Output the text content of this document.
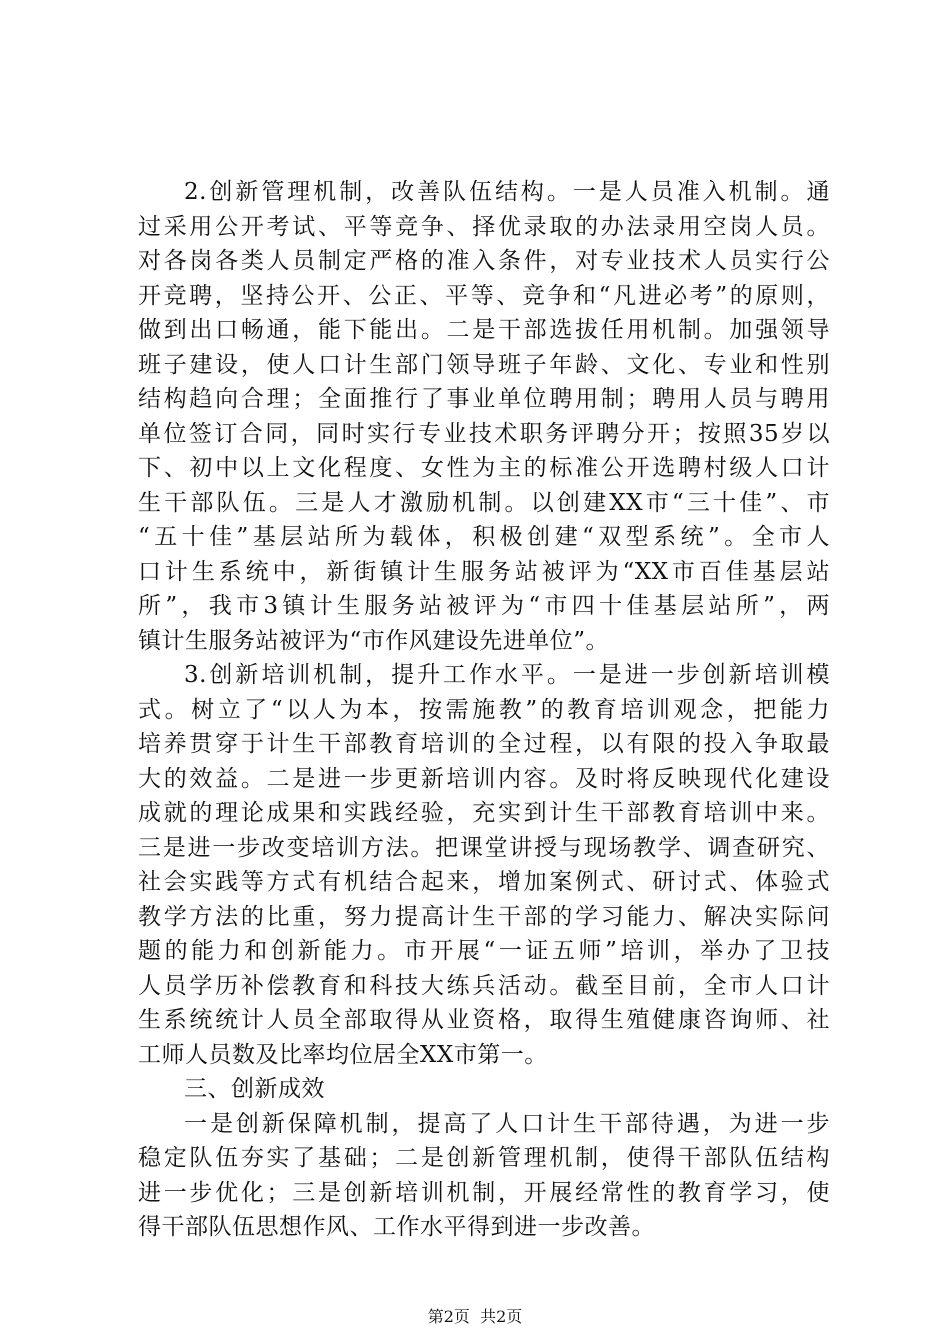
2.创新管理机制，改善队伍结构。一是人员准入机制。通
过采用公开考试、平等竞争、择优录取的办法录用空岗人员。
对各岗各类人员制定严格的准入条件，对专业技术人员实行公
开竞聘，坚持公开、公正、平等、竞争和“凡进必考”的原则，
做到出口畅通，能下能出。二是干部选拔任用机制。加强领导
班子建设，使人口计生部门领导班子年龄、文化、专业和性别
结构趋向合理；全面推行了事业单位聘用制；聘用人员与聘用
单位签订合同，同时实行专业技术职务评聘分开；按照35岁以
下、初中以上文化程度、女性为主的标准公开选聘村级人口计
生干部队伍。三是人才激励机制。以创建XX市“三十佳”、市
“五十佳”基层站所为载体，积极创建“双型系统”。全市人
口计生系统中，新街镇计生服务站被评为“XX市百佳基层站
所”，我市3镇计生服务站被评为“市四十佳基层站所”，两
镇计生服务站被评为“市作风建设先进单位”。
3.创新培训机制，提升工作水平。一是进一步创新培训模
式。树立了“以人为本，按需施教”的教育培训观念，把能力
培养贯穿于计生干部教育培训的全过程，以有限的投入争取最
大的效益。二是进一步更新培训内容。及时将反映现代化建设
成就的理论成果和实践经验，充实到计生干部教育培训中来。
三是进一步改变培训方法。把课堂讲授与现场教学、调查研究、
社会实践等方式有机结合起来，增加案例式、研讨式、体验式
教学方法的比重，努力提高计生干部的学习能力、解决实际问
题的能力和创新能力。市开展“一证五师”培训，举办了卫技
人员学历补偿教育和科技大练兵活动。截至目前，全市人口计
生系统统计人员全部取得从业资格，取得生殖健康咨询师、社
工师人员数及比率均位居全XX市第一。
三、创新成效
一是创新保障机制，提高了人口计生干部待遇，为进一步
稳定队伍夯实了基础；二是创新管理机制，使得干部队伍结构
进一步优化；三是创新培训机制，开展经常性的教育学习，使
得干部队伍思想作风、工作水平得到进一步改善。
第2页  共2页
